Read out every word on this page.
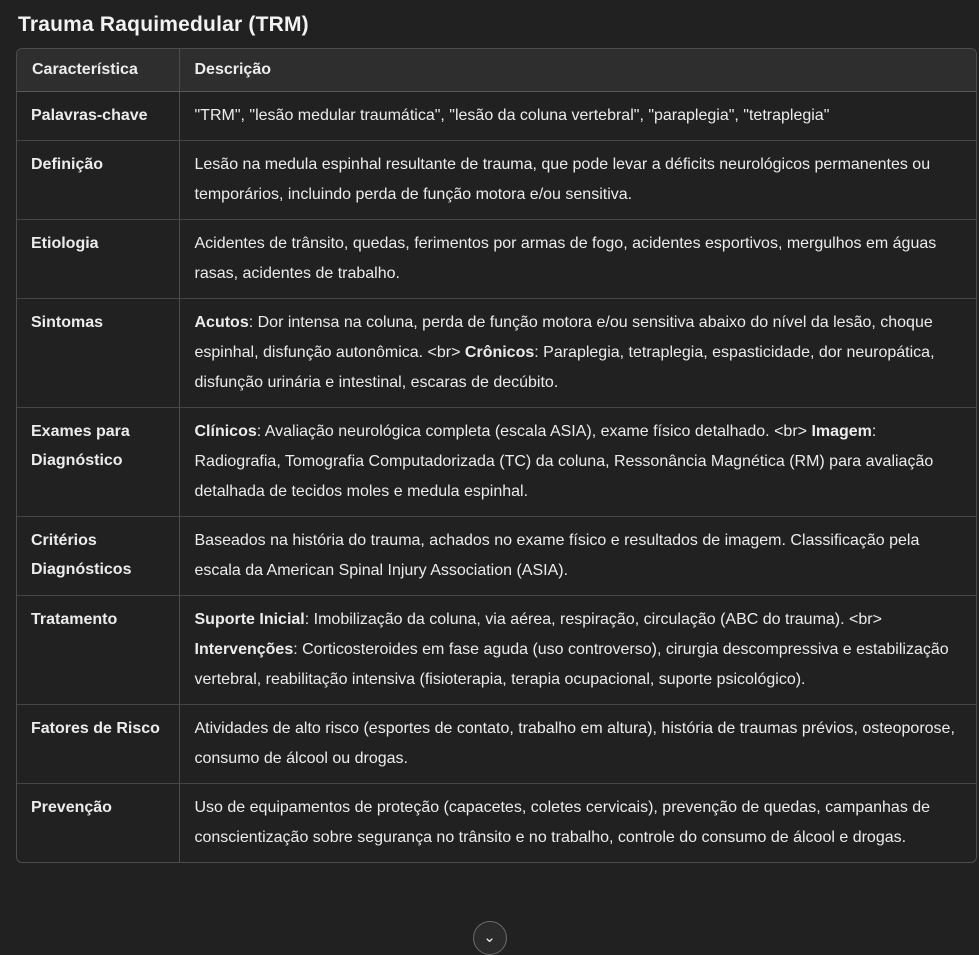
Trauma Raquimedular (TRM)
Característica	Descrição
Palavras-chave	"TRM", "lesão medular traumática", "lesão da coluna vertebral", "paraplegia", "tetraplegia"
Definição	Lesão na medula espinhal resultante de trauma, que pode levar a déficits neurológicos permanentes ou temporários, incluindo perda de função motora e/ou sensitiva.
Etiologia	Acidentes de trânsito, quedas, ferimentos por armas de fogo, acidentes esportivos, mergulhos em águas rasas, acidentes de trabalho.
Sintomas	Acutos: Dor intensa na coluna, perda de função motora e/ou sensitiva abaixo do nível da lesão, choque espinhal, disfunção autonômica. <br> Crônicos: Paraplegia, tetraplegia, espasticidade, dor neuropática, disfunção urinária e intestinal, escaras de decúbito.
Exames para Diagnóstico	Clínicos: Avaliação neurológica completa (escala ASIA), exame físico detalhado. <br> Imagem: Radiografia, Tomografia Computadorizada (TC) da coluna, Ressonância Magnética (RM) para avaliação detalhada de tecidos moles e medula espinhal.
Critérios Diagnósticos	Baseados na história do trauma, achados no exame físico e resultados de imagem. Classificação pela escala da American Spinal Injury Association (ASIA).
Tratamento	Suporte Inicial: Imobilização da coluna, via aérea, respiração, circulação (ABC do trauma). <br> Intervenções: Corticosteroides em fase aguda (uso controverso), cirurgia descompressiva e estabilização vertebral, reabilitação intensiva (fisioterapia, terapia ocupacional, suporte psicológico).
Fatores de Risco	Atividades de alto risco (esportes de contato, trabalho em altura), história de traumas prévios, osteoporose, consumo de álcool ou drogas.
Prevenção	Uso de equipamentos de proteção (capacetes, coletes cervicais), prevenção de quedas, campanhas de conscientização sobre segurança no trânsito e no trabalho, controle do consumo de álcool e drogas.
⌄
